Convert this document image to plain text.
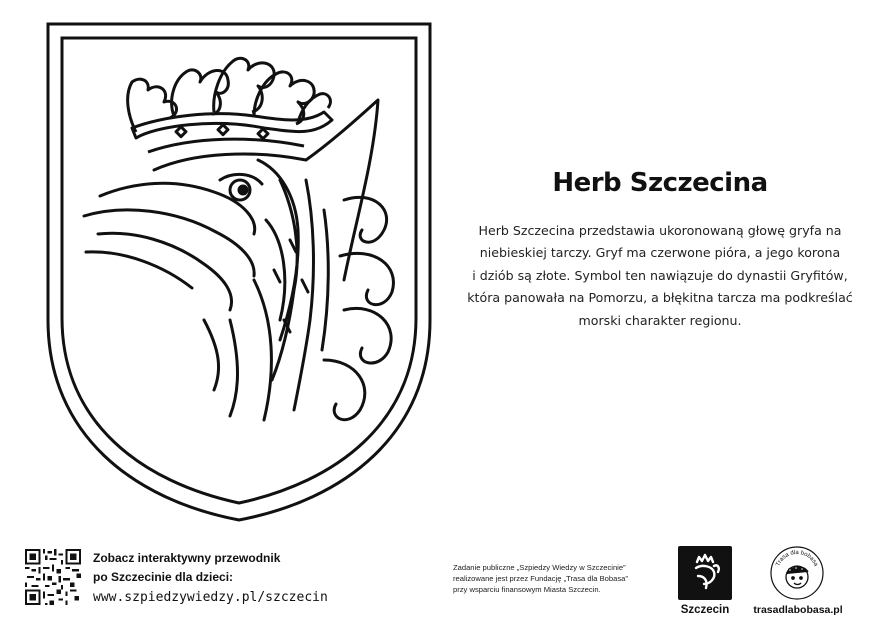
Herb Szczecina
Herb Szczecina przedstawia ukoronowaną głowę gryfa na
niebieskiej tarczy. Gryf ma czerwone pióra, a jego korona
i dziób są złote. Symbol ten nawiązuje do dynastii Gryfitów,
która panowała na Pomorzu, a błękitna tarcza ma podkreślać
morski charakter regionu.
Zobacz interaktywny przewodnik
po Szczecinie dla dzieci:
www.szpiedzywiedzy.pl/szczecin
Zadanie publiczne „Szpiedzy Wiedzy w Szczecinie”
realizowane jest przez Fundację „Trasa dla Bobasa”
przy wsparciu finansowym Miasta Szczecin.
Szczecin
Trasa dla bobasa
trasadlabobasa.pl
